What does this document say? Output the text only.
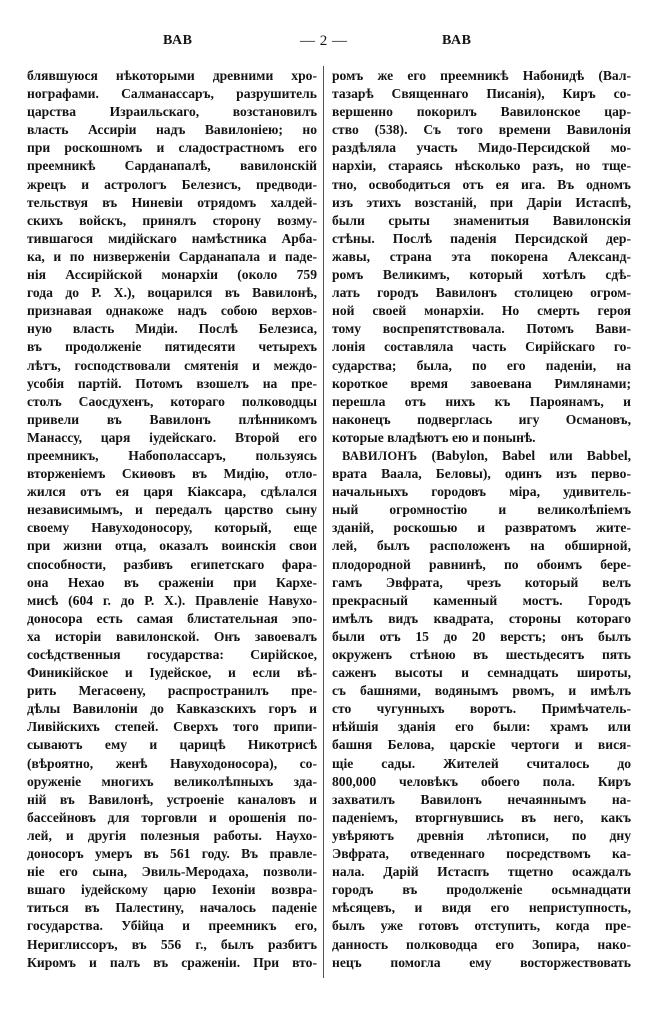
ВАВ	— 2 —	ВАВ
блявшуюся нѣкоторыми древними хро-
нографами. Салманассаръ, разрушитель
царства Израильскаго, возстановилъ
власть Ассиріи надъ Вавилоніею; но
при роскошномъ и сладострастномъ его
преемникѣ Сарданапалѣ, вавилонскій
жрецъ и астрологъ Белезисъ, предводи-
тельствуя въ Ниневіи отрядомъ халдей-
скихъ войскъ, принялъ сторону возму-
тившагося мидійскаго намѣстника Арба-
ка, и по низверженіи Сарданапала и паде-
нія Ассирійской монархіи (около 759
года до Р. Х.), воцарился въ Вавилонѣ,
признавая однакоже надъ собою верхов-
ную власть Мидіи. Послѣ Белезиса,
въ продолженіе пятидесяти четырехъ
лѣтъ, господствовали смятенія и междо-
усобія партій. Потомъ взошелъ на пре-
столъ Саосдухенъ, котораго полководцы
привели въ Вавилонъ плѣнникомъ
Манассу, царя іудейскаго. Второй его
преемникъ, Набополассаръ, пользуясь
вторженіемъ Скиѳовъ въ Мидію, отло-
жился отъ ея царя Кіаксара, сдѣлался
независимымъ, и передалъ царство сыну
своему Навуходоносору, который, еще
при жизни отца, оказалъ воинскія свои
способности, разбивъ египетскаго фара-
она Нехао въ сраженіи при Кархе-
мисѣ (604 г. до Р. Х.). Правленіе Навухо-
доносора есть самая блистательная эпо-
ха исторіи вавилонской. Онъ завоевалъ
сосѣдственныя государства: Сирійское,
Финикійское и Іудейское, и если вѣ-
рить Мегасѳену, распространилъ пре-
дѣлы Вавилоніи до Кавказскихъ горъ и
Ливійскихъ степей. Сверхъ того припи-
сываютъ ему и царицѣ Никотрисѣ
(вѣроятно, женѣ Навуходоносора), со-
оруженіе многихъ великолѣпныхъ зда-
ній въ Вавилонѣ, устроеніе каналовъ и
бассейновъ для торговли и орошенія по-
лей, и другія полезныя работы. Наухо-
доносоръ умеръ въ 561 году. Въ правле-
ніе его сына, Эвиль-Меродаха, позволи-
вшаго іудейскому царю Іехоніи возвра-
титься въ Палестину, началось паденіе
государства. Убійца и преемникъ его,
Нериглиссоръ, въ 556 г., былъ разбитъ
Киромъ и палъ въ сраженіи. При вто-
ромъ же его преемникѣ Набонидѣ (Вал-
тазарѣ Священнаго Писанія), Киръ со-
вершенно покорилъ Вавилонское цар-
ство (538). Съ того времени Вавилонія
раздѣляла участь Мидо-Персидской мо-
нархіи, стараясь нѣсколько разъ, но тще-
тно, освободиться отъ ея ига. Въ одномъ
изъ этихъ возстаній, при Даріи Истаспѣ,
были срыты знаменитыя Вавилонскія
стѣны. Послѣ паденія Персидской дер-
жавы, страна эта покорена Александ-
ромъ Великимъ, который хотѣлъ сдѣ-
лать городъ Вавилонъ столицею огром-
ной своей монархіи. Но смерть героя
тому воспрепятствовала. Потомъ Вави-
лонія составляла часть Сирійскаго го-
сударства; была, по его паденіи, на
короткое время завоевана Римлянами;
перешла отъ нихъ къ Пароянамъ, и
наконецъ подверглась игу Османовъ,
которые владѣютъ ею и понынѣ.
ВАВИЛОНЪ (Babylon, Babel или Babbel,
врата Ваала, Беловы), одинъ изъ перво-
начальныхъ городовъ міра, удивитель-
ный огромностію и великолѣпіемъ
зданій, роскошью и развратомъ жите-
лей, былъ расположенъ на обширной,
плодородной равнинѣ, по обоимъ бере-
гамъ Эвфрата, чрезъ который велъ
прекрасный каменный мостъ. Городъ
имѣлъ видъ квадрата, стороны котораго
были отъ 15 до 20 верстъ; онъ былъ
окруженъ стѣною въ шестьдесятъ пять
саженъ высоты и семнадцать широты,
съ башнями, водянымъ рвомъ, и имѣлъ
сто чугунныхъ воротъ. Примѣчатель-
нѣйшія зданія его были: храмъ или
башня Белова, царскіе чертоги и вися-
щіе сады. Жителей считалось до
800,000 человѣкъ обоего пола. Киръ
захватилъ Вавилонъ нечаяннымъ на-
паденіемъ, вторгнувшись въ него, какъ
увѣряютъ древнія лѣтописи, по дну
Эвфрата, отведеннаго посредствомъ ка-
нала. Дарій Истаспъ тщетно осаждалъ
городъ въ продолженіе осьмнадцати
мѣсяцевъ, и видя его неприступность,
былъ уже готовъ отступить, когда пре-
данность полководца его Зопира, нако-
нецъ помогла ему восторжествовать
